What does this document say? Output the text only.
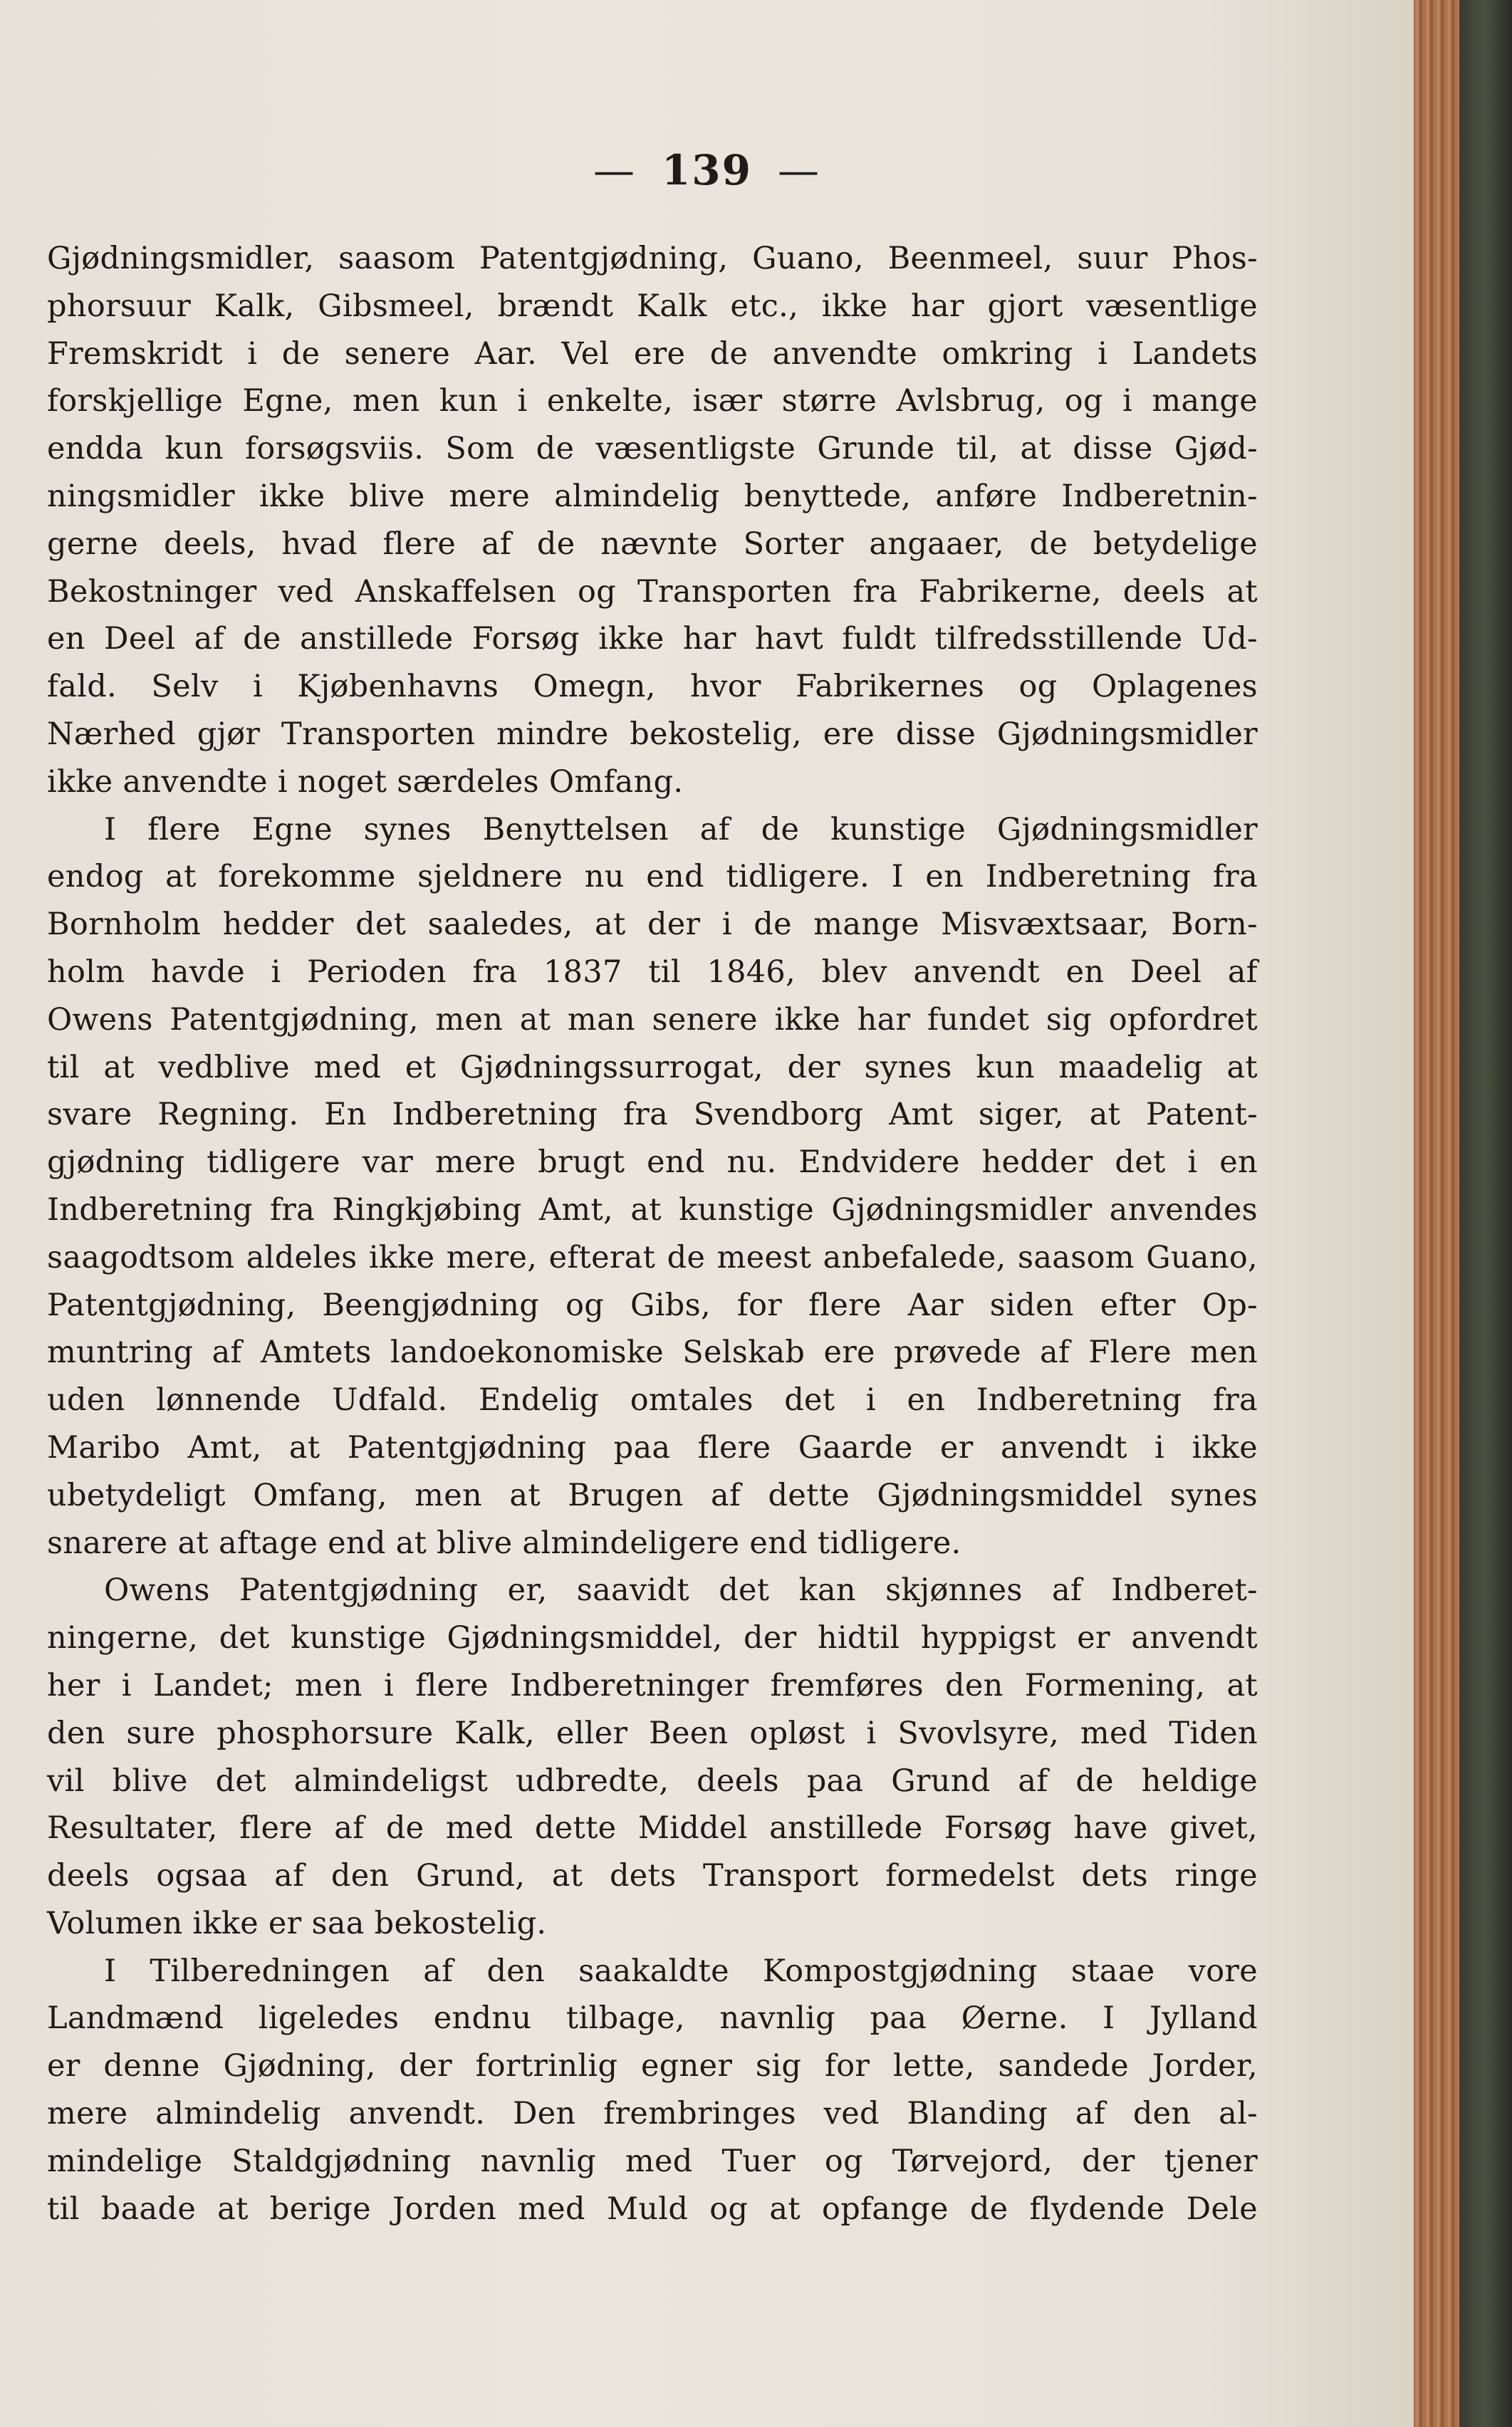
— 139 —
Gjødningsmidler, saasom Patentgjødning, Guano, Beenmeel, suur Phos-
phorsuur Kalk, Gibsmeel, brændt Kalk etc., ikke har gjort væsentlige
Fremskridt i de senere Aar. Vel ere de anvendte omkring i Landets
forskjellige Egne, men kun i enkelte, især større Avlsbrug, og i mange
endda kun forsøgsviis. Som de væsentligste Grunde til, at disse Gjød-
ningsmidler ikke blive mere almindelig benyttede, anføre Indberetnin-
gerne deels, hvad flere af de nævnte Sorter angaaer, de betydelige
Bekostninger ved Anskaffelsen og Transporten fra Fabrikerne, deels at
en Deel af de anstillede Forsøg ikke har havt fuldt tilfredsstillende Ud-
fald. Selv i Kjøbenhavns Omegn, hvor Fabrikernes og Oplagenes
Nærhed gjør Transporten mindre bekostelig, ere disse Gjødningsmidler
ikke anvendte i noget særdeles Omfang.
I flere Egne synes Benyttelsen af de kunstige Gjødningsmidler
endog at forekomme sjeldnere nu end tidligere. I en Indberetning fra
Bornholm hedder det saaledes, at der i de mange Misvæxtsaar, Born-
holm havde i Perioden fra 1837 til 1846, blev anvendt en Deel af
Owens Patentgjødning, men at man senere ikke har fundet sig opfordret
til at vedblive med et Gjødningssurrogat, der synes kun maadelig at
svare Regning. En Indberetning fra Svendborg Amt siger, at Patent-
gjødning tidligere var mere brugt end nu. Endvidere hedder det i en
Indberetning fra Ringkjøbing Amt, at kunstige Gjødningsmidler anvendes
saagodtsom aldeles ikke mere, efterat de meest anbefalede, saasom Guano,
Patentgjødning, Beengjødning og Gibs, for flere Aar siden efter Op-
muntring af Amtets landoekonomiske Selskab ere prøvede af Flere men
uden lønnende Udfald. Endelig omtales det i en Indberetning fra
Maribo Amt, at Patentgjødning paa flere Gaarde er anvendt i ikke
ubetydeligt Omfang, men at Brugen af dette Gjødningsmiddel synes
snarere at aftage end at blive almindeligere end tidligere.
Owens Patentgjødning er, saavidt det kan skjønnes af Indberet-
ningerne, det kunstige Gjødningsmiddel, der hidtil hyppigst er anvendt
her i Landet; men i flere Indberetninger fremføres den Formening, at
den sure phosphorsure Kalk, eller Been opløst i Svovlsyre, med Tiden
vil blive det almindeligst udbredte, deels paa Grund af de heldige
Resultater, flere af de med dette Middel anstillede Forsøg have givet,
deels ogsaa af den Grund, at dets Transport formedelst dets ringe
Volumen ikke er saa bekostelig.
I Tilberedningen af den saakaldte Kompostgjødning staae vore
Landmænd ligeledes endnu tilbage, navnlig paa Øerne. I Jylland
er denne Gjødning, der fortrinlig egner sig for lette, sandede Jorder,
mere almindelig anvendt. Den frembringes ved Blanding af den al-
mindelige Staldgjødning navnlig med Tuer og Tørvejord, der tjener
til baade at berige Jorden med Muld og at opfange de flydende Dele
